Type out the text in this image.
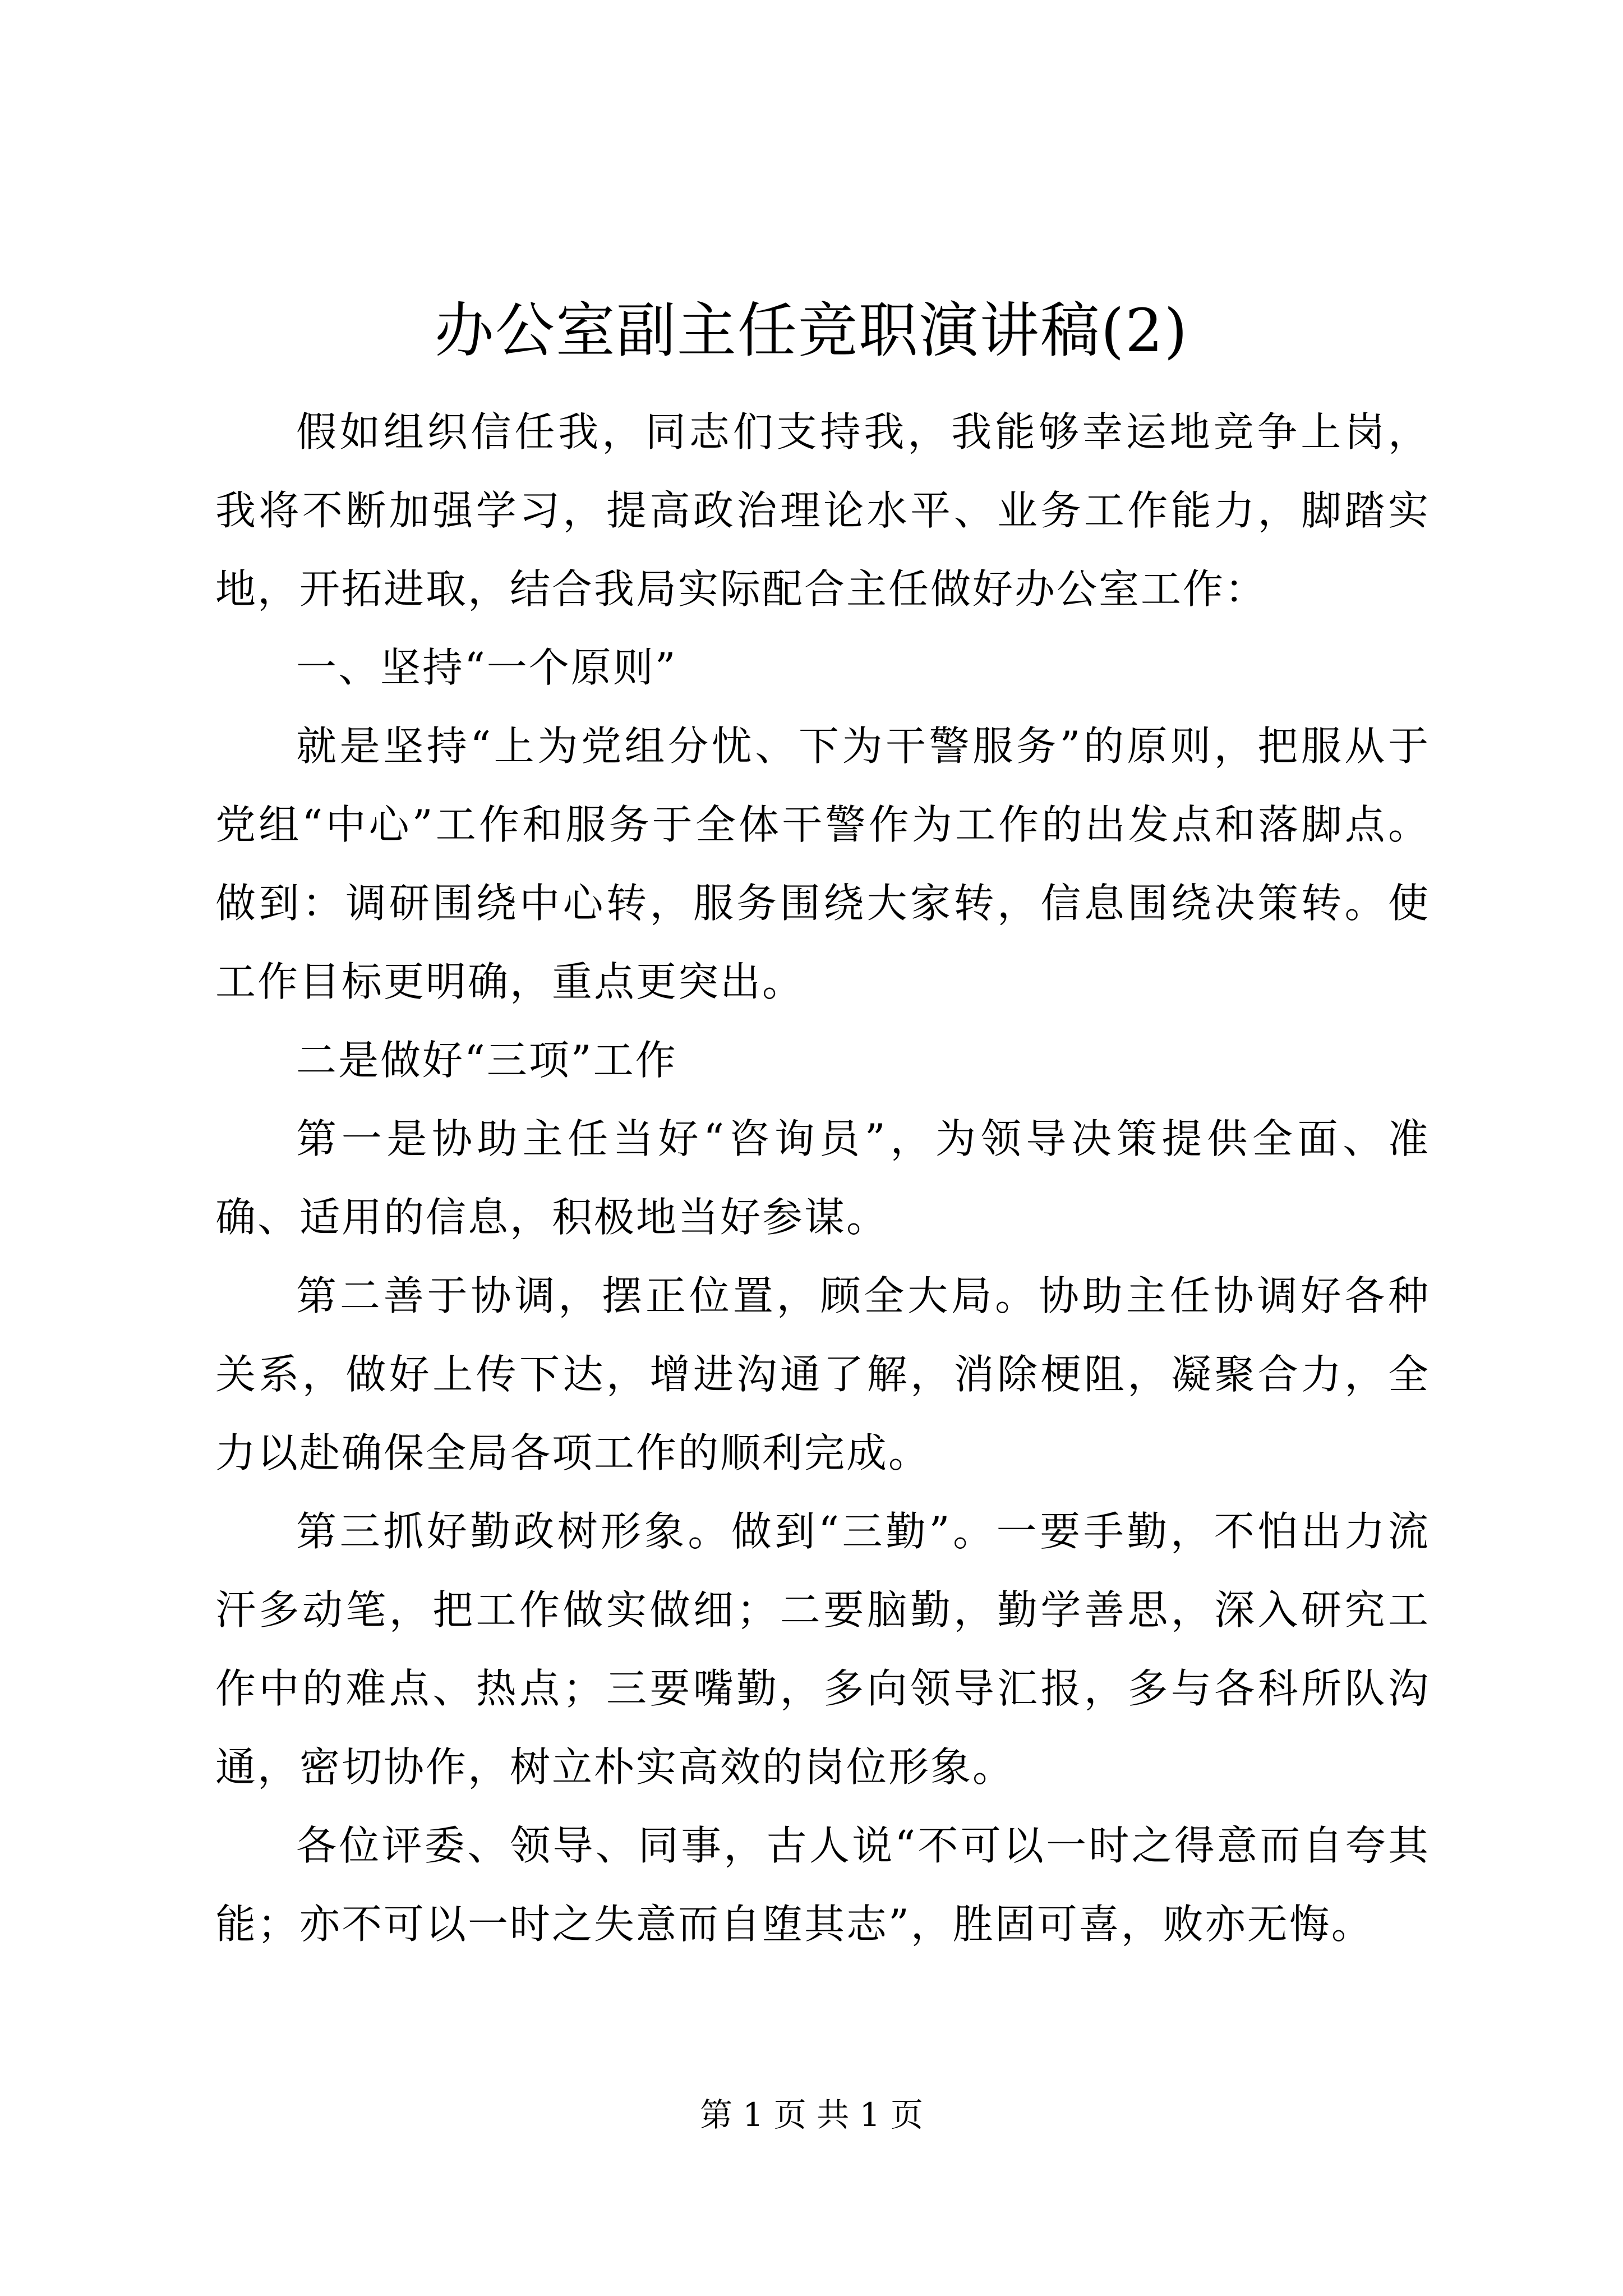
办公室副主任竞职演讲稿(2)

假如组织信任我，同志们支持我，我能够幸运地竞争上岗，我将不断加强学习，提高政治理论水平、业务工作能力，脚踏实地，开拓进取，结合我局实际配合主任做好办公室工作：

一、坚持“一个原则”

就是坚持“上为党组分忧、下为干警服务”的原则，把服从于党组“中心”工作和服务于全体干警作为工作的出发点和落脚点。做到：调研围绕中心转，服务围绕大家转，信息围绕决策转。使工作目标更明确，重点更突出。

二是做好“三项”工作

第一是协助主任当好“咨询员”，为领导决策提供全面、准确、适用的信息，积极地当好参谋。

第二善于协调，摆正位置，顾全大局。协助主任协调好各种关系，做好上传下达，增进沟通了解，消除梗阻，凝聚合力，全力以赴确保全局各项工作的顺利完成。

第三抓好勤政树形象。做到“三勤”。一要手勤，不怕出力流汗多动笔，把工作做实做细；二要脑勤，勤学善思，深入研究工作中的难点、热点；三要嘴勤，多向领导汇报，多与各科所队沟通，密切协作，树立朴实高效的岗位形象。

各位评委、领导、同事，古人说“不可以一时之得意而自夸其能；亦不可以一时之失意而自堕其志”，胜固可喜，败亦无悔。

第 1 页 共 1 页
